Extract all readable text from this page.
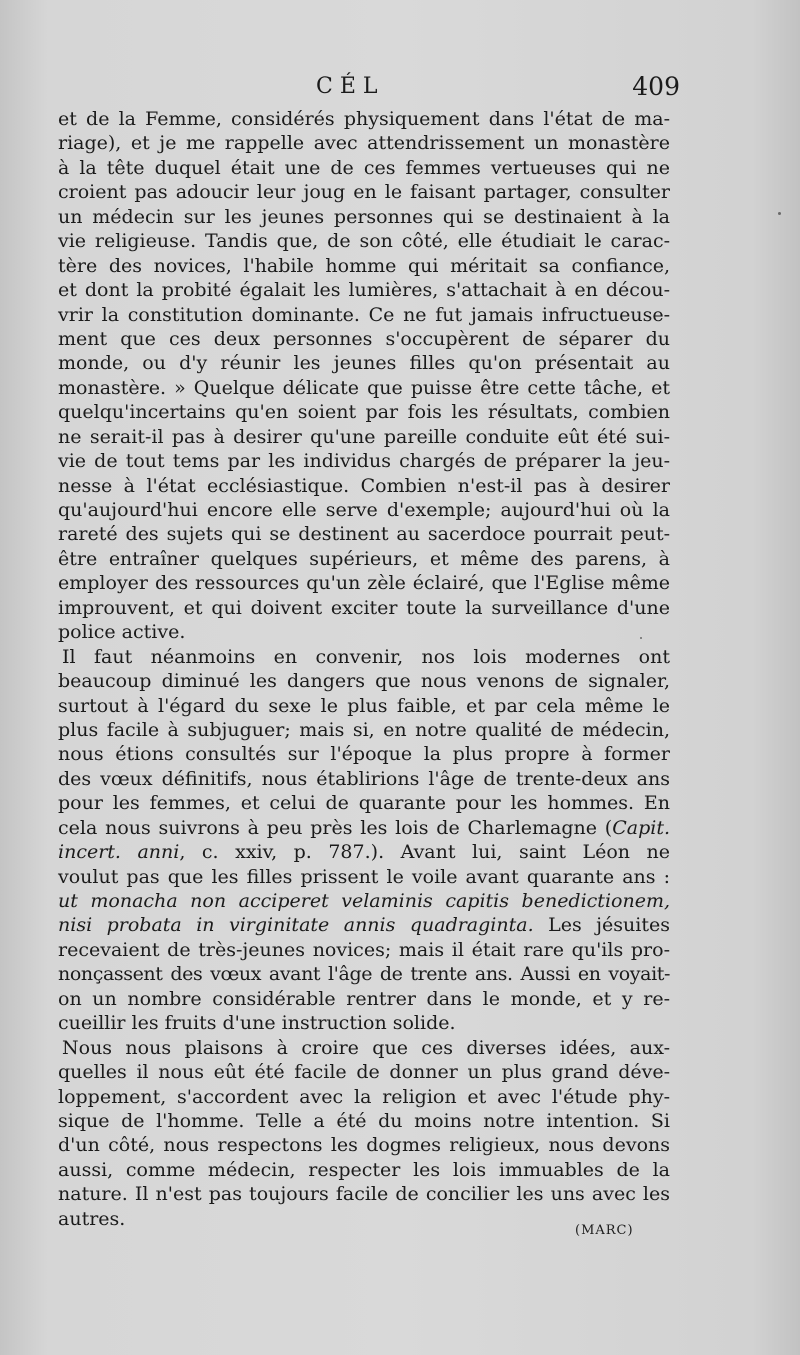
CÉL	409
et de la Femme, considérés physiquement dans l'état de ma-
riage), et je me rappelle avec attendrissement un monastère
à la tête duquel était une de ces femmes vertueuses qui ne
croient pas adoucir leur joug en le faisant partager, consulter
un médecin sur les jeunes personnes qui se destinaient à la
vie religieuse. Tandis que, de son côté, elle étudiait le carac-
tère des novices, l'habile homme qui méritait sa confiance,
et dont la probité égalait les lumières, s'attachait à en décou-
vrir la constitution dominante. Ce ne fut jamais infructueuse-
ment que ces deux personnes s'occupèrent de séparer du
monde, ou d'y réunir les jeunes filles qu'on présentait au
monastère. » Quelque délicate que puisse être cette tâche, et
quelqu'incertains qu'en soient par fois les résultats, combien
ne serait-il pas à desirer qu'une pareille conduite eût été sui-
vie de tout tems par les individus chargés de préparer la jeu-
nesse à l'état ecclésiastique. Combien n'est-il pas à desirer
qu'aujourd'hui encore elle serve d'exemple; aujourd'hui où la
rareté des sujets qui se destinent au sacerdoce pourrait peut-
être entraîner quelques supérieurs, et même des parens, à
employer des ressources qu'un zèle éclairé, que l'Eglise même
improuvent, et qui doivent exciter toute la surveillance d'une
police active.
Il faut néanmoins en convenir, nos lois modernes ont
beaucoup diminué les dangers que nous venons de signaler,
surtout à l'égard du sexe le plus faible, et par cela même le
plus facile à subjuguer; mais si, en notre qualité de médecin,
nous étions consultés sur l'époque la plus propre à former
des vœux définitifs, nous établirions l'âge de trente-deux ans
pour les femmes, et celui de quarante pour les hommes. En
cela nous suivrons à peu près les lois de Charlemagne (Capit.
incert. anni, c. xxiv, p. 787.). Avant lui, saint Léon ne
voulut pas que les filles prissent le voile avant quarante ans :
ut monacha non acciperet velaminis capitis benedictionem,
nisi probata in virginitate annis quadraginta. Les jésuites
recevaient de très-jeunes novices; mais il était rare qu'ils pro-
nonçassent des vœux avant l'âge de trente ans. Aussi en voyait-
on un nombre considérable rentrer dans le monde, et y re-
cueillir les fruits d'une instruction solide.
Nous nous plaisons à croire que ces diverses idées, aux-
quelles il nous eût été facile de donner un plus grand déve-
loppement, s'accordent avec la religion et avec l'étude phy-
sique de l'homme. Telle a été du moins notre intention. Si
d'un côté, nous respectons les dogmes religieux, nous devons
aussi, comme médecin, respecter les lois immuables de la
nature. Il n'est pas toujours facile de concilier les uns avec les
autres.
(MARC)
